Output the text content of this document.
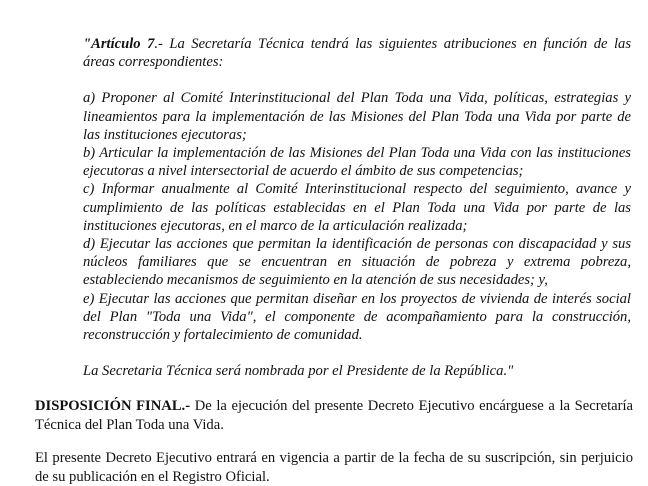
"Artículo 7.- La Secretaría Técnica tendrá las siguientes atribuciones en función de las áreas correspondientes:

a) Proponer al Comité Interinstitucional del Plan Toda una Vida, políticas, estrategias y lineamientos para la implementación de las Misiones del Plan Toda una Vida por parte de las instituciones ejecutoras;

b) Articular la implementación de las Misiones del Plan Toda una Vida con las instituciones ejecutoras a nivel intersectorial de acuerdo el ámbito de sus competencias;

c) Informar anualmente al Comité Interinstitucional respecto del seguimiento, avance y cumplimiento de las políticas establecidas en el Plan Toda una Vida por parte de las instituciones ejecutoras, en el marco de la articulación realizada;

d) Ejecutar las acciones que permitan la identificación de personas con discapacidad y sus núcleos familiares que se encuentran en situación de pobreza y extrema pobreza, estableciendo mecanismos de seguimiento en la atención de sus necesidades; y,

e) Ejecutar las acciones que permitan diseñar en los proyectos de vivienda de interés social del Plan "Toda una Vida", el componente de acompañamiento para la construcción, reconstrucción y fortalecimiento de comunidad.

La Secretaria Técnica será nombrada por el Presidente de la República."

DISPOSICIÓN FINAL.- De la ejecución del presente Decreto Ejecutivo encárguese a la Secretaría Técnica del Plan Toda una Vida.

El presente Decreto Ejecutivo entrará en vigencia a partir de la fecha de su suscripción, sin perjuicio de su publicación en el Registro Oficial.
